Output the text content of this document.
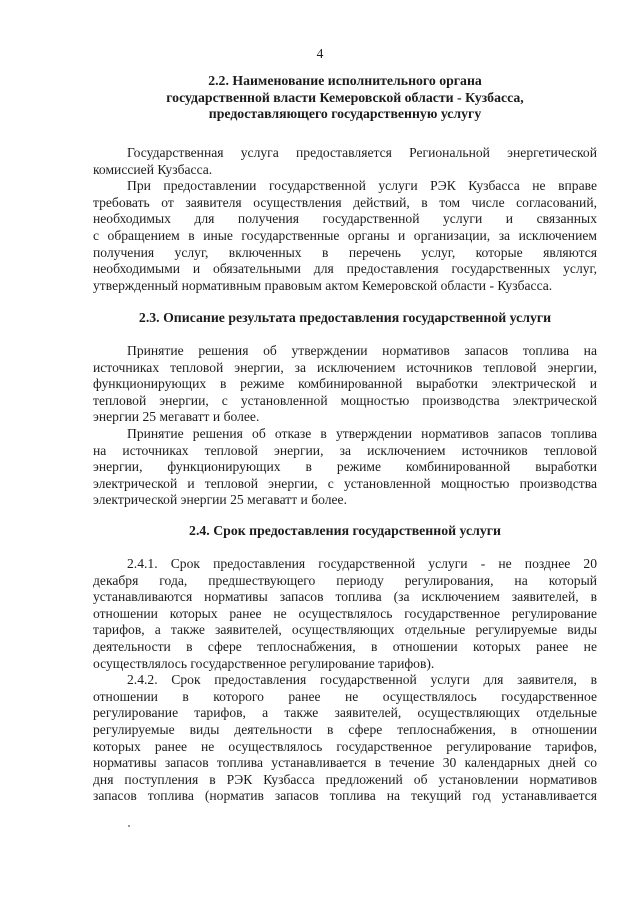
4
2.2. Наименование исполнительного органа
государственной власти Кемеровской области - Кузбасса,
предоставляющего государственную услугу

Государственная услуга предоставляется Региональной энергетической
комиссией Кузбасса.

При предоставлении государственной услуги РЭК Кузбасса не вправе
требовать от заявителя осуществления действий, в том числе согласований,
необходимых для получения государственной услуги и связанных
с обращением в иные государственные органы и организации, за исключением
получения услуг, включенных в перечень услуг, которые являются
необходимыми и обязательными для предоставления государственных услуг,
утвержденный нормативным правовым актом Кемеровской области - Кузбасса.

2.3. Описание результата предоставления государственной услуги

Принятие решения об утверждении нормативов запасов топлива на
источниках тепловой энергии, за исключением источников тепловой энергии,
функционирующих в режиме комбинированной выработки электрической и
тепловой энергии, с установленной мощностью производства электрической
энергии 25 мегаватт и более.

Принятие решения об отказе в утверждении нормативов запасов топлива
на источниках тепловой энергии, за исключением источников тепловой
энергии, функционирующих в режиме комбинированной выработки
электрической и тепловой энергии, с установленной мощностью производства
электрической энергии 25 мегаватт и более.

2.4. Срок предоставления государственной услуги

2.4.1. Срок предоставления государственной услуги - не позднее 20
декабря года, предшествующего периоду регулирования, на который
устанавливаются нормативы запасов топлива (за исключением заявителей, в
отношении которых ранее не осуществлялось государственное регулирование
тарифов, а также заявителей, осуществляющих отдельные регулируемые виды
деятельности в сфере теплоснабжения, в отношении которых ранее не
осуществлялось государственное регулирование тарифов).

2.4.2. Срок предоставления государственной услуги для заявителя, в
отношении в которого ранее не осуществлялось государственное
регулирование тарифов, а также заявителей, осуществляющих отдельные
регулируемые виды деятельности в сфере теплоснабжения, в отношении
которых ранее не осуществлялось государственное регулирование тарифов,
нормативы запасов топлива устанавливается в течение 30 календарных дней со
дня поступления в РЭК Кузбасса предложений об установлении нормативов
запасов топлива (норматив запасов топлива на текущий год устанавливается
